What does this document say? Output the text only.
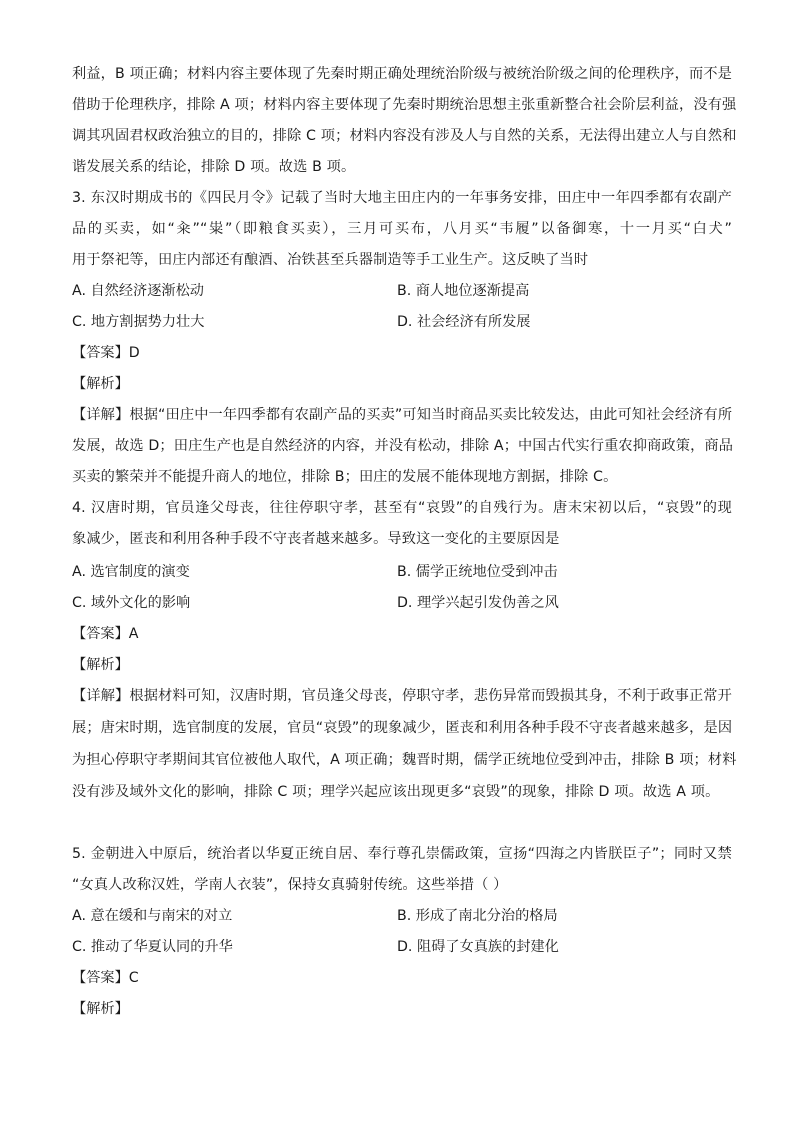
利益，B 项正确；材料内容主要体现了先秦时期正确处理统治阶级与被统治阶级之间的伦理秩序，而不是
借助于伦理秩序，排除 A 项；材料内容主要体现了先秦时期统治思想主张重新整合社会阶层利益，没有强
调其巩固君权政治独立的目的，排除 C 项；材料内容没有涉及人与自然的关系，无法得出建立人与自然和
谐发展关系的结论，排除 D 项。故选 B 项。
3. 东汉时期成书的《四民月令》记载了当时大地主田庄内的一年事务安排，田庄中一年四季都有农副产
品的买卖，如“籴”“粜”（即粮食买卖），三月可买布，八月买“韦履”以备御寒，十一月买“白犬”
用于祭祀等，田庄内部还有酿酒、冶铁甚至兵器制造等手工业生产。这反映了当时
A. 自然经济逐渐松动	B. 商人地位逐渐提高
C. 地方割据势力壮大	D. 社会经济有所发展
【答案】D
【解析】
【详解】根据“田庄中一年四季都有农副产品的买卖”可知当时商品买卖比较发达，由此可知社会经济有所
发展，故选 D；田庄生产也是自然经济的内容，并没有松动，排除 A；中国古代实行重农抑商政策，商品
买卖的繁荣并不能提升商人的地位，排除 B；田庄的发展不能体现地方割据，排除 C。
4. 汉唐时期，官员逢父母丧，往往停职守孝，甚至有“哀毁”的自残行为。唐末宋初以后，“哀毁”的现
象减少，匿丧和利用各种手段不守丧者越来越多。导致这一变化的主要原因是
A. 选官制度的演变	B. 儒学正统地位受到冲击
C. 域外文化的影响	D. 理学兴起引发伪善之风
【答案】A
【解析】
【详解】根据材料可知，汉唐时期，官员逢父母丧，停职守孝，悲伤异常而毁损其身，不利于政事正常开
展；唐宋时期，选官制度的发展，官员“哀毁”的现象减少，匿丧和利用各种手段不守丧者越来越多，是因
为担心停职守孝期间其官位被他人取代，A 项正确；魏晋时期，儒学正统地位受到冲击，排除 B 项；材料
没有涉及域外文化的影响，排除 C 项；理学兴起应该出现更多“哀毁”的现象，排除 D 项。故选 A 项。
5. 金朝进入中原后，统治者以华夏正统自居、奉行尊孔崇儒政策，宣扬“四海之内皆朕臣子”；同时又禁
“女真人改称汉姓，学南人衣装”，保持女真骑射传统。这些举措（ ）
A. 意在缓和与南宋的对立	B. 形成了南北分治的格局
C. 推动了华夏认同的升华	D. 阻碍了女真族的封建化
【答案】C
【解析】
